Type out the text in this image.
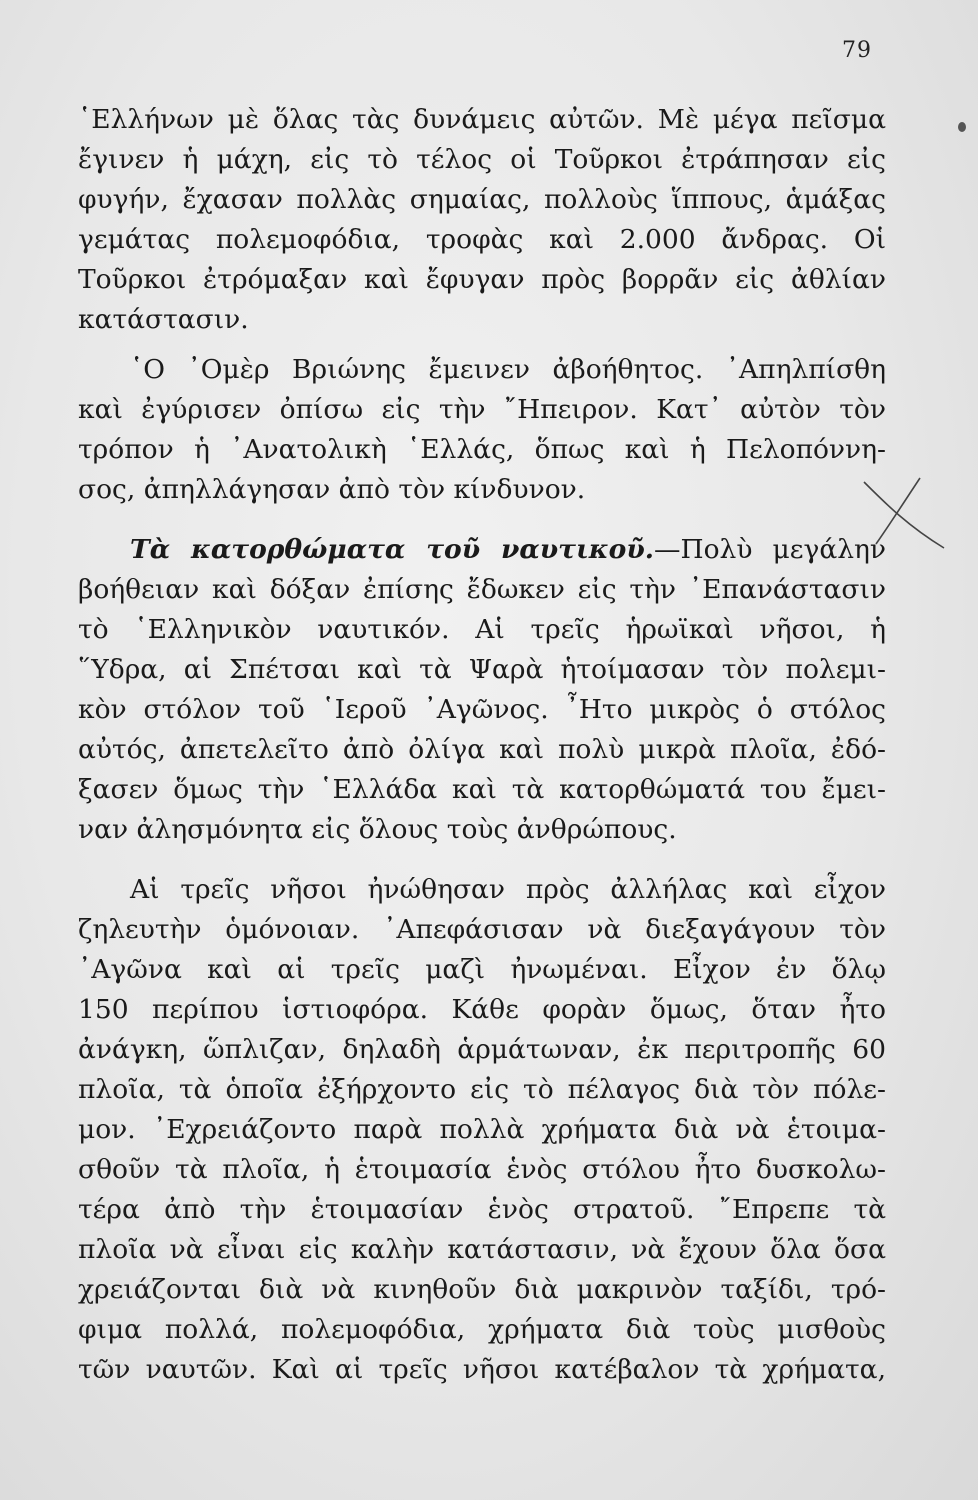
79
῾Ελλήνων μὲ ὅλας τὰς δυνάμεις αὐτῶν. Μὲ μέγα πεῖσμα
ἔγινεν ἡ μάχη, εἰς τὸ τέλος οἱ Τοῦρκοι ἐτράπησαν εἰς
φυγήν, ἔχασαν πολλὰς σημαίας, πολλοὺς ἵππους, ἁμάξας
γεμάτας πολεμοφόδια, τροφὰς καὶ 2.000 ἄνδρας. Οἱ
Τοῦρκοι ἐτρόμαξαν καὶ ἔφυγαν πρὸς βορρᾶν εἰς ἀθλίαν
κατάστασιν.
῾Ο ᾿Ομὲρ Βριώνης ἔμεινεν ἀβοήθητος. ᾿Απηλπίσθη
καὶ ἐγύρισεν ὀπίσω εἰς τὴν ῎Ηπειρον. Κατ᾿ αὐτὸν τὸν
τρόπον ἡ ᾿Ανατολικὴ ῾Ελλάς, ὅπως καὶ ἡ Πελοπόννη-
σος, ἀπηλλάγησαν ἀπὸ τὸν κίνδυνον.
Τὰ κατορθώματα τοῦ ναυτικοῦ.—Πολὺ μεγάλην
βοήθειαν καὶ δόξαν ἐπίσης ἔδωκεν εἰς τὴν ᾿Επανάστασιν
τὸ ῾Ελληνικὸν ναυτικόν. Αἱ τρεῖς ἡρωϊκαὶ νῆσοι, ἡ
῞Υδρα, αἱ Σπέτσαι καὶ τὰ Ψαρὰ ἡτοίμασαν τὸν πολεμι-
κὸν στόλον τοῦ ῾Ιεροῦ ᾿Αγῶνος. ῏Ητο μικρὸς ὁ στόλος
αὐτός, ἀπετελεῖτο ἀπὸ ὀλίγα καὶ πολὺ μικρὰ πλοῖα, ἐδό-
ξασεν ὅμως τὴν ῾Ελλάδα καὶ τὰ κατορθώματά του ἔμει-
ναν ἀλησμόνητα εἰς ὅλους τοὺς ἀνθρώπους.
Αἱ τρεῖς νῆσοι ἠνώθησαν πρὸς ἀλλήλας καὶ εἶχον
ζηλευτὴν ὁμόνοιαν. ᾿Απεφάσισαν νὰ διεξαγάγουν τὸν
᾿Αγῶνα καὶ αἱ τρεῖς μαζὶ ἠνωμέναι. Εἶχον ἐν ὅλῳ
150 περίπου ἱστιοφόρα. Κάθε φορὰν ὅμως, ὅταν ἦτο
ἀνάγκη, ὥπλιζαν, δηλαδὴ ἁρμάτωναν, ἐκ περιτροπῆς 60
πλοῖα, τὰ ὁποῖα ἐξήρχοντο εἰς τὸ πέλαγος διὰ τὸν πόλε-
μον. ᾿Εχρειάζοντο παρὰ πολλὰ χρήματα διὰ νὰ ἑτοιμα-
σθοῦν τὰ πλοῖα, ἡ ἑτοιμασία ἑνὸς στόλου ἦτο δυσκολω-
τέρα ἀπὸ τὴν ἑτοιμασίαν ἑνὸς στρατοῦ. ῎Επρεπε τὰ
πλοῖα νὰ εἶναι εἰς καλὴν κατάστασιν, νὰ ἔχουν ὅλα ὅσα
χρειάζονται διὰ νὰ κινηθοῦν διὰ μακρινὸν ταξίδι, τρό-
φιμα πολλά, πολεμοφόδια, χρήματα διὰ τοὺς μισθοὺς
τῶν ναυτῶν. Καὶ αἱ τρεῖς νῆσοι κατέβαλον τὰ χρήματα,
